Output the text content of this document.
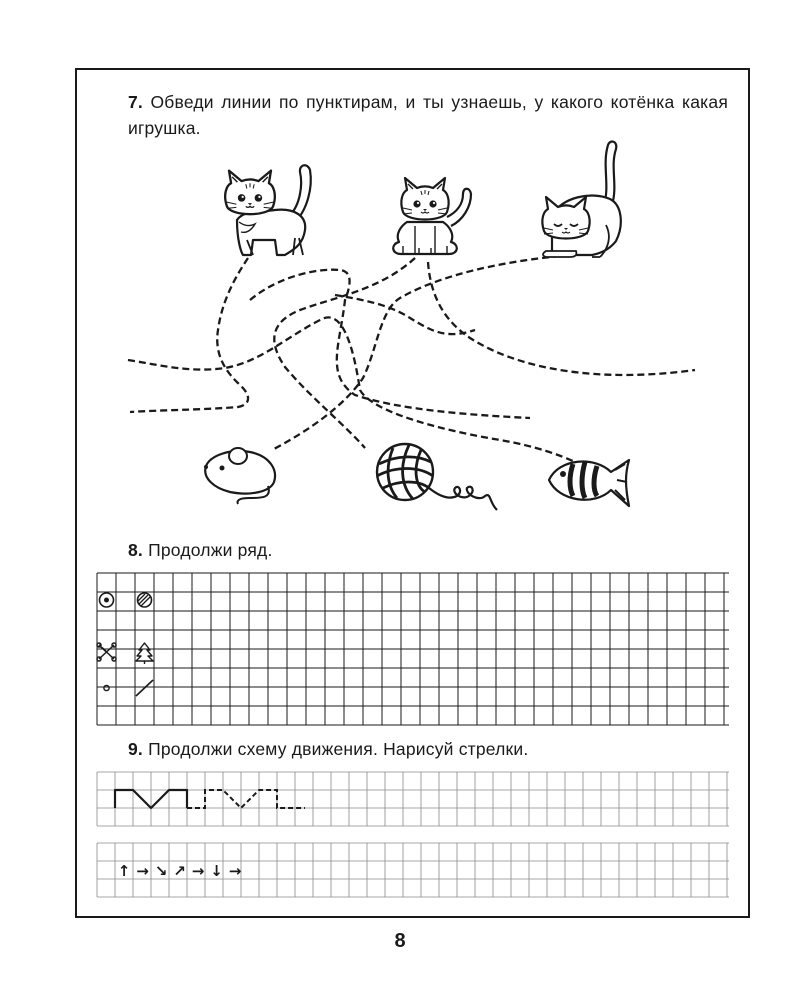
7. Обведи линии по пунктирам, и ты узнаешь, у какого котёнка какая игрушка.
8. Продолжи ряд.
9. Продолжи схему движения. Нарисуй стрелки.
↑ → ↘ ↗ → ↓ →
8
